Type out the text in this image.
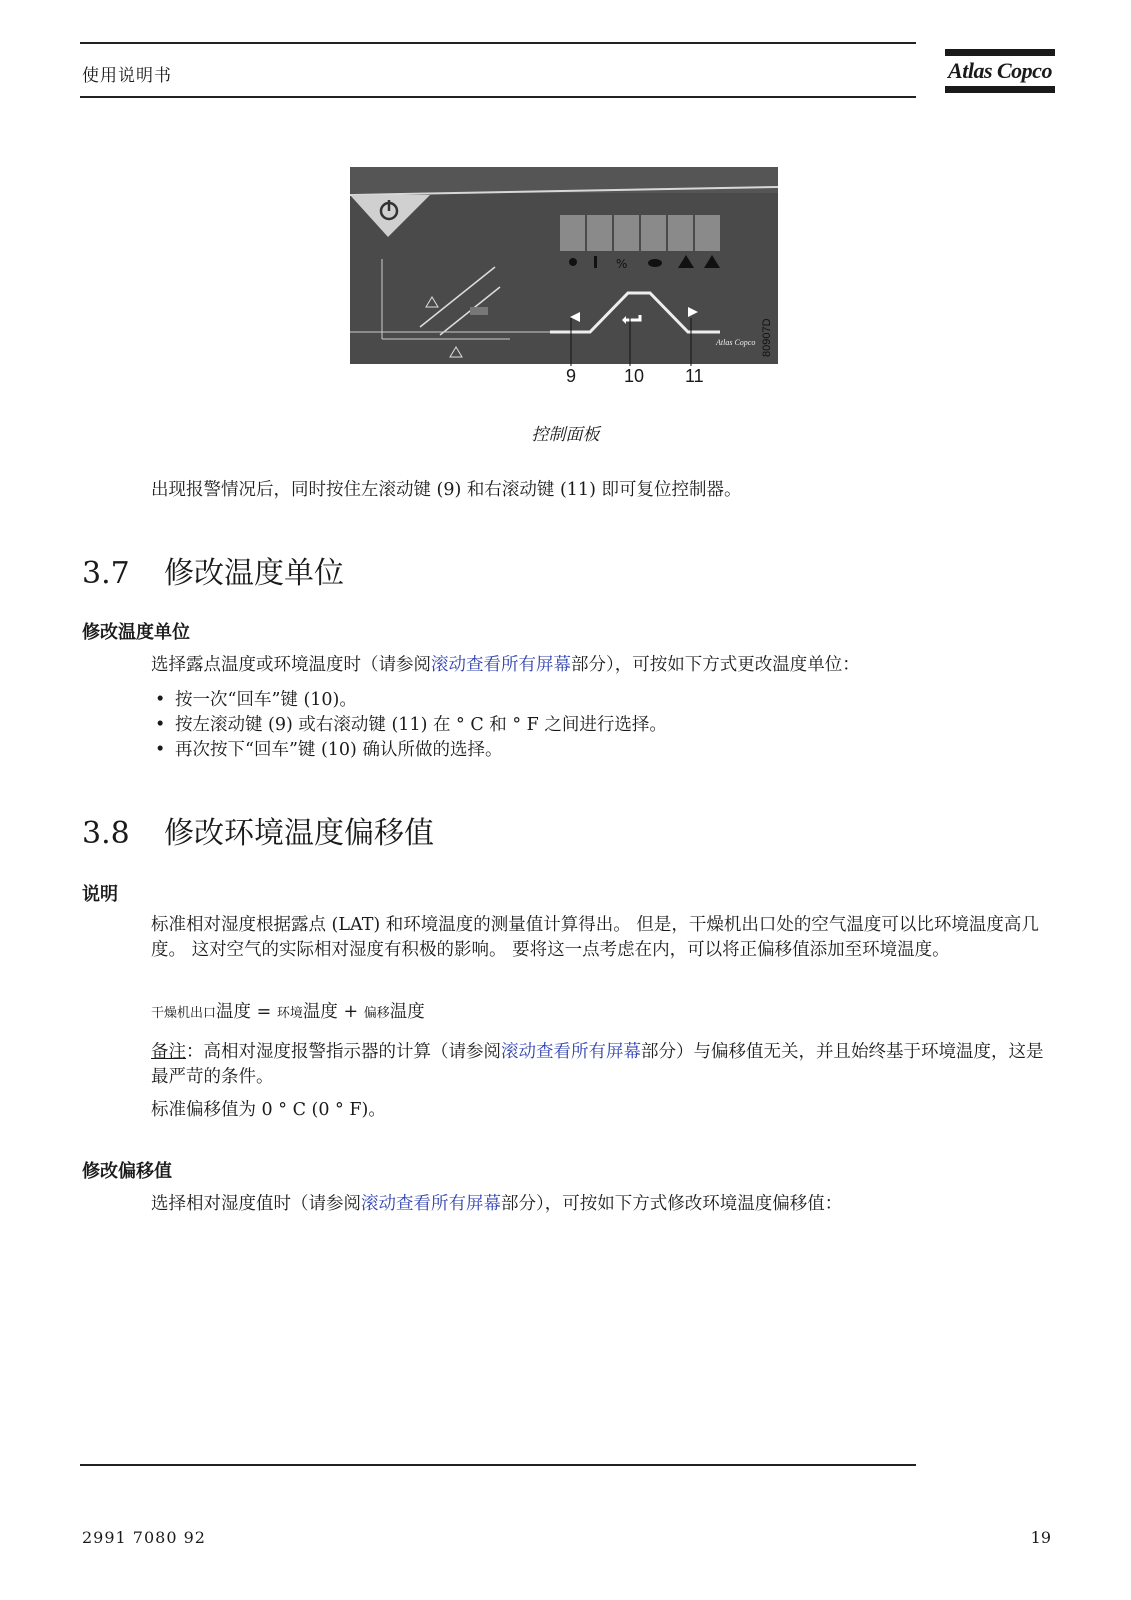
使用说明书	Atlas Copco
%
Atlas Copco 80907D
9	10 11
控制面板
出现报警情况后，同时按住左滚动键 (9) 和右滚动键 (11) 即可复位控制器。
3.7 修改温度单位
修改温度单位
选择露点温度或环境温度时（请参阅滚动查看所有屏幕部分），可按如下方式更改温度单位：
• 按一次“回车”键 (10)。
• 按左滚动键 (9) 或右滚动键 (11) 在 ° C 和 ° F 之间进行选择。
• 再次按下“回车”键 (10) 确认所做的选择。
3.8 修改环境温度偏移值
说明
标准相对湿度根据露点 (LAT) 和环境温度的测量值计算得出。 但是，干燥机出口处的空气温度可以比环境温度高几度。 这对空气的实际相对湿度有积极的影响。 要将这一点考虑在内，可以将正偏移值添加至环境温度。
干燥机出口温度 = 环境温度 + 偏移温度
备注：高相对湿度报警指示器的计算（请参阅滚动查看所有屏幕部分）与偏移值无关，并且始终基于环境温度，这是最严苛的条件。
标准偏移值为 0 ° C (0 ° F)。
修改偏移值
选择相对湿度值时（请参阅滚动查看所有屏幕部分），可按如下方式修改环境温度偏移值：
2991 7080 92	19
